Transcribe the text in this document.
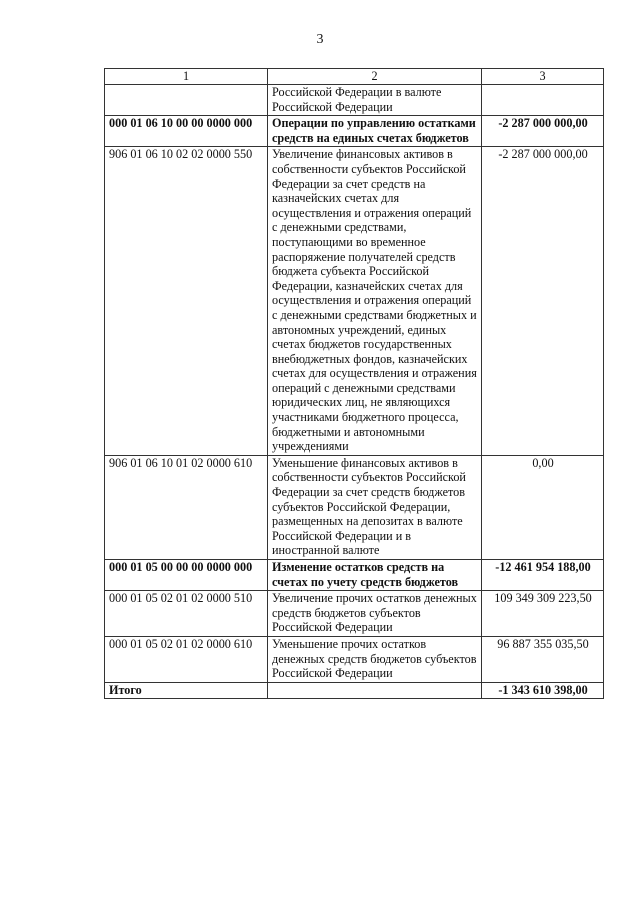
3
1	2	3
	Российской Федерации в валюте Российской Федерации	
000 01 06 10 00 00 0000 000	Операции по управлению остатками средств на единых счетах бюджетов	-2 287 000 000,00
906 01 06 10 02 02 0000 550	Увеличение финансовых активов в собственности субъектов Российской Федерации за счет средств на казначейских счетах для осуществления и отражения операций с денежными средствами, поступающими во временное распоряжение получателей средств бюджета субъекта Российской Федерации, казначейских счетах для осуществления и отражения операций с денежными средствами бюджетных и автономных учреждений, единых счетах бюджетов государственных внебюджетных фондов, казначейских счетах для осуществления и отражения операций с денежными средствами юридических лиц, не являющихся участниками бюджетного процесса, бюджетными и автономными учреждениями	-2 287 000 000,00
906 01 06 10 01 02 0000 610	Уменьшение финансовых активов в собственности субъектов Российской Федерации за счет средств бюджетов субъектов Российской Федерации, размещенных на депозитах в валюте Российской Федерации и в иностранной валюте	0,00
000 01 05 00 00 00 0000 000	Изменение остатков средств на счетах по учету средств бюджетов	-12 461 954 188,00
000 01 05 02 01 02 0000 510	Увеличение прочих остатков денежных средств бюджетов субъектов Российской Федерации	109 349 309 223,50
000 01 05 02 01 02 0000 610	Уменьшение прочих остатков денежных средств бюджетов субъектов Российской Федерации	96 887 355 035,50
Итого		-1 343 610 398,00
